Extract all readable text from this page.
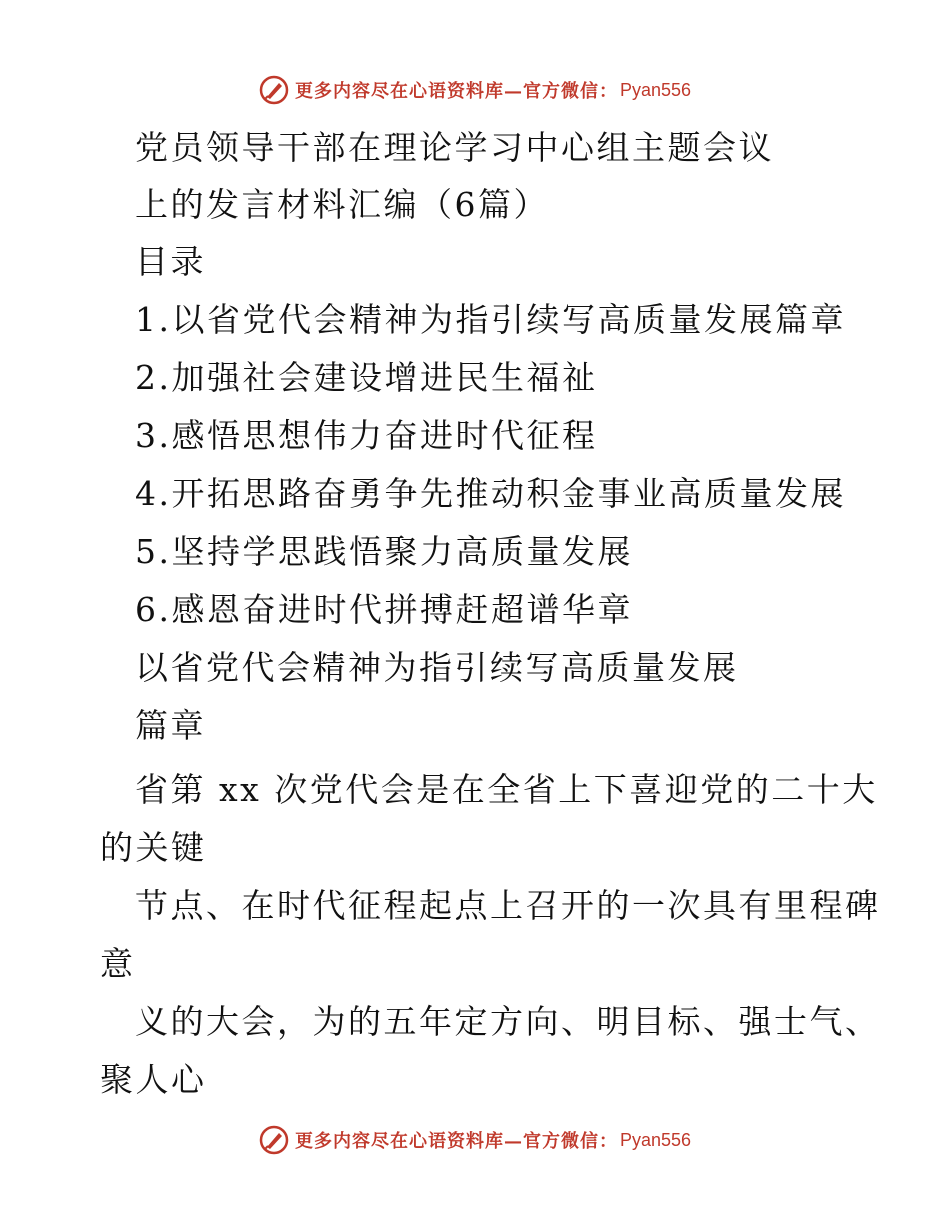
更多内容尽在心语资料库—官方微信： Pyan556
党员领导干部在理论学习中心组主题会议
上的发言材料汇编（6篇）
目录
1.以省党代会精神为指引续写高质量发展篇章
2.加强社会建设增进民生福祉
3.感悟思想伟力奋进时代征程
4.开拓思路奋勇争先推动积金事业高质量发展
5.坚持学思践悟聚力高质量发展
6.感恩奋进时代拼搏赶超谱华章
以省党代会精神为指引续写高质量发展
篇章
省第 xx 次党代会是在全省上下喜迎党的二十大
的关键
节点、在时代征程起点上召开的一次具有里程碑
意
义的大会，为的五年定方向、明目标、强士气、
聚人心
更多内容尽在心语资料库—官方微信： Pyan556
